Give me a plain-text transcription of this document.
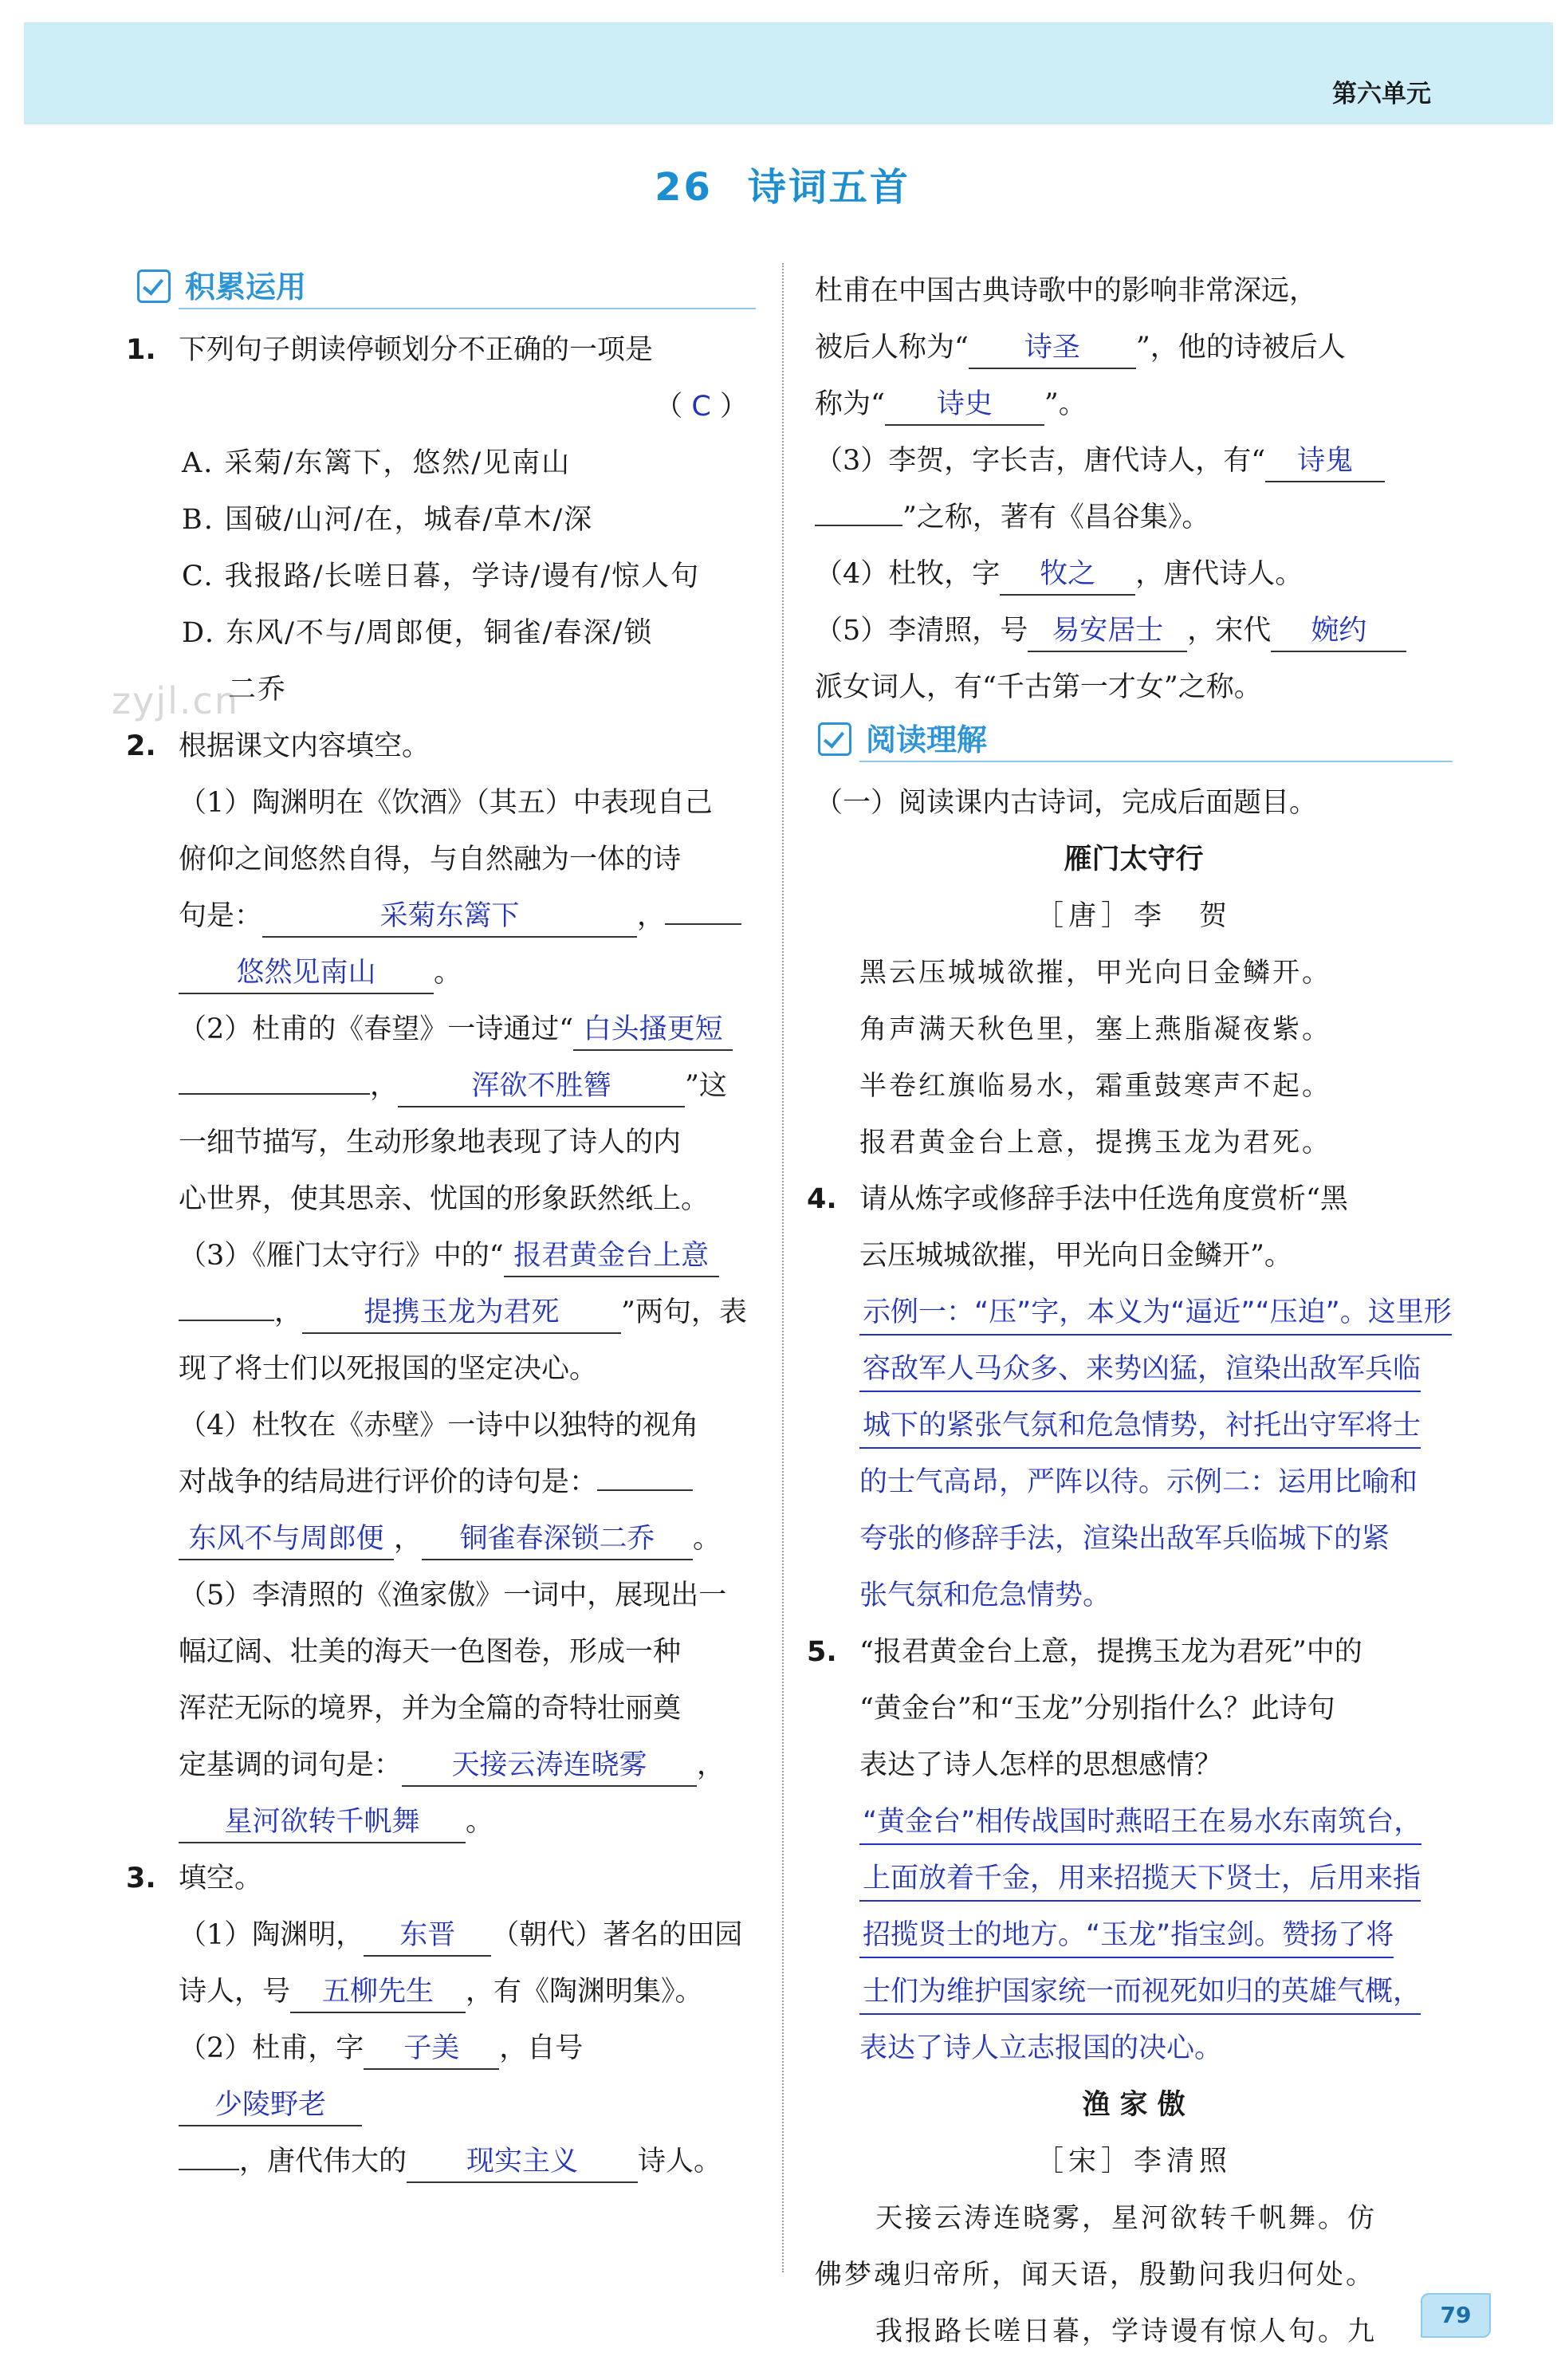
第六单元
26 诗词五首
zyjl.cn
积累运用
1. 下列句子朗读停顿划分不正确的一项是
（ C ）
A. 采菊/东篱下，悠然/见南山
B. 国破/山河/在，城春/草木/深
C. 我报路/长嗟日暮，学诗/谩有/惊人句
D. 东风/不与/周郎便，铜雀/春深/锁
二乔
2. 根据课文内容填空。
（1）陶渊明在《饮酒》（其五）中表现自己
俯仰之间悠然自得，与自然融为一体的诗
句是：	采菊东篱下	，
悠然见南山 。
（2）杜甫的《春望》一诗通过“ 白头搔更短
，	浑欲不胜簪	”这
一细节描写，生动形象地表现了诗人的内
心世界，使其思亲、忧国的形象跃然纸上。
（3）《雁门太守行》中的“ 报君黄金台上意
， 提携玉龙为君死 ”两句，表
现了将士们以死报国的坚定决心。
（4）杜牧在《赤壁》一诗中以独特的视角
对战争的结局进行评价的诗句是：
东风不与周郎便 ， 铜雀春深锁二乔 。
（5）李清照的《渔家傲》一词中，展现出一
幅辽阔、壮美的海天一色图卷，形成一种
浑茫无际的境界，并为全篇的奇特壮丽奠
定基调的词句是： 天接云涛连晓雾 ，
星河欲转千帆舞 。
3. 填空。
（1）陶渊明， 东晋 （朝代）著名的田园
诗人，号 五柳先生 ，有《陶渊明集》。
（2）杜甫，字 子美 ，自号少陵野老
，唐代伟大的 现实主义 诗人。
杜甫在中国古典诗歌中的影响非常深远，
被后人称为“ 诗圣 ”，他的诗被后人
称为“ 诗史 ”。
（3）李贺，字长吉，唐代诗人，有“ 诗鬼
”之称，著有《昌谷集》。
（4）杜牧，字 牧之 ，唐代诗人。
（5）李清照，号 易安居士 ，宋代 婉约
派女词人，有“千古第一才女”之称。
阅读理解
（一）阅读课内古诗词，完成后面题目。
雁门太守行
［唐］李　贺
黑云压城城欲摧，甲光向日金鳞开。
角声满天秋色里，塞上燕脂凝夜紫。
半卷红旗临易水，霜重鼓寒声不起。
报君黄金台上意，提携玉龙为君死。
4. 请从炼字或修辞手法中任选角度赏析“黑
云压城城欲摧，甲光向日金鳞开”。
示例一：“压”字，本义为“逼近”“压迫”。这里形
容敌军人马众多、来势凶猛，渲染出敌军兵临
城下的紧张气氛和危急情势，衬托出守军将士
的士气高昂，严阵以待。示例二：运用比喻和
夸张的修辞手法，渲染出敌军兵临城下的紧
张气氛和危急情势。
5. “报君黄金台上意，提携玉龙为君死”中的
“黄金台”和“玉龙”分别指什么？此诗句
表达了诗人怎样的思想感情？
“黄金台”相传战国时燕昭王在易水东南筑台，
上面放着千金，用来招揽天下贤士，后用来指
招揽贤士的地方。“玉龙”指宝剑。赞扬了将
士们为维护国家统一而视死如归的英雄气概，
表达了诗人立志报国的决心。
渔 家 傲
［宋］李清照
天接云涛连晓雾，星河欲转千帆舞。仿
佛梦魂归帝所，闻天语，殷勤问我归何处。
我报路长嗟日暮，学诗谩有惊人句。九
79
